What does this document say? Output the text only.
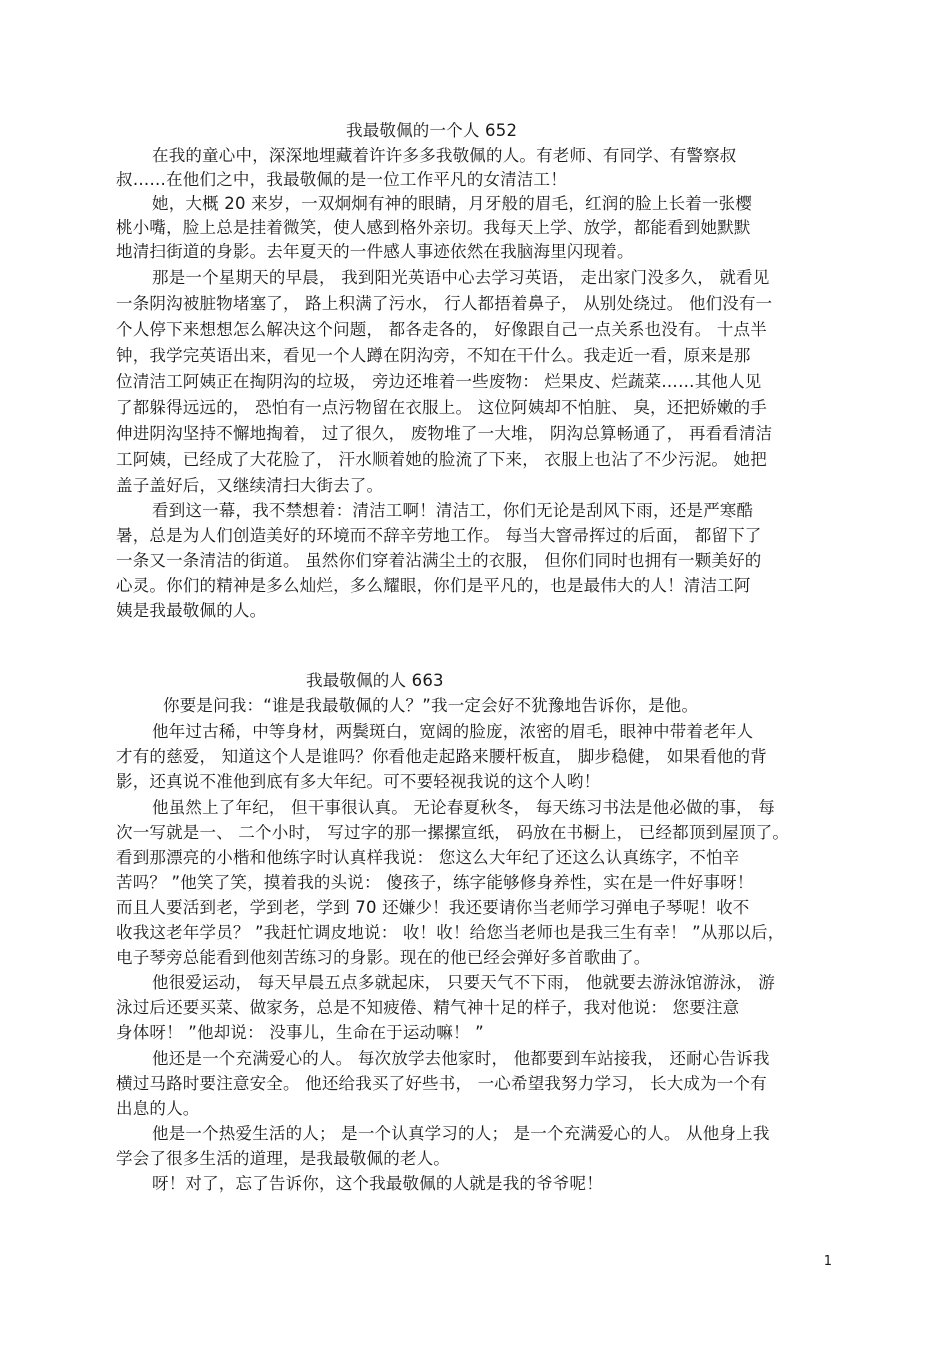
我最敬佩的一个人 652
在我的童心中，深深地埋藏着许许多多我敬佩的人。有老师、有同学、有警察叔
叔……在他们之中，我最敬佩的是一位工作平凡的女清洁工！
她，大概 20 来岁，一双炯炯有神的眼睛，月牙般的眉毛，红润的脸上长着一张樱
桃小嘴，脸上总是挂着微笑，使人感到格外亲切。我每天上学、放学，都能看到她默默
地清扫街道的身影。去年夏天的一件感人事迹依然在我脑海里闪现着。
那是一个星期天的早晨， 我到阳光英语中心去学习英语， 走出家门没多久， 就看见
一条阴沟被脏物堵塞了， 路上积满了污水， 行人都捂着鼻子， 从别处绕过。 他们没有一
个人停下来想想怎么解决这个问题， 都各走各的， 好像跟自己一点关系也没有。 十点半
钟，我学完英语出来，看见一个人蹲在阴沟旁，不知在干什么。我走近一看，原来是那
位清洁工阿姨正在掏阴沟的垃圾， 旁边还堆着一些废物： 烂果皮、烂蔬菜……其他人见
了都躲得远远的， 恐怕有一点污物留在衣服上。 这位阿姨却不怕脏、 臭，还把娇嫩的手
伸进阴沟坚持不懈地掏着， 过了很久， 废物堆了一大堆， 阴沟总算畅通了， 再看看清洁
工阿姨，已经成了大花脸了， 汗水顺着她的脸流了下来， 衣服上也沾了不少污泥。 她把
盖子盖好后，又继续清扫大街去了。
看到这一幕，我不禁想着：清洁工啊！清洁工，你们无论是刮风下雨，还是严寒酷
暑，总是为人们创造美好的环境而不辞辛劳地工作。 每当大窨帚挥过的后面， 都留下了
一条又一条清洁的街道。 虽然你们穿着沾满尘土的衣服， 但你们同时也拥有一颗美好的
心灵。你们的精神是多么灿烂，多么耀眼，你们是平凡的，也是最伟大的人！清洁工阿
姨是我最敬佩的人。
我最敬佩的人 663
你要是问我：“谁是我最敬佩的人？”我一定会好不犹豫地告诉你，是他。
他年过古稀，中等身材，两鬓斑白，宽阔的脸庞，浓密的眉毛，眼神中带着老年人
才有的慈爱， 知道这个人是谁吗？你看他走起路来腰杆板直， 脚步稳健， 如果看他的背
影，还真说不准他到底有多大年纪。可不要轻视我说的这个人哟！
他虽然上了年纪， 但干事很认真。 无论春夏秋冬， 每天练习书法是他必做的事， 每
次一写就是一、 二个小时， 写过字的那一摞摞宣纸， 码放在书橱上， 已经都顶到屋顶了。
看到那漂亮的小楷和他练字时认真样我说： 您这么大年纪了还这么认真练字，不怕辛
苦吗？ ”他笑了笑，摸着我的头说： 傻孩子，练字能够修身养性，实在是一件好事呀！
而且人要活到老，学到老，学到 70 还嫌少！我还要请你当老师学习弹电子琴呢！收不
收我这老年学员？ ”我赶忙调皮地说： 收！收！给您当老师也是我三生有幸！ ”从那以后，
电子琴旁总能看到他刻苦练习的身影。现在的他已经会弹好多首歌曲了。
他很爱运动， 每天早晨五点多就起床， 只要天气不下雨， 他就要去游泳馆游泳， 游
泳过后还要买菜、做家务，总是不知疲倦、精气神十足的样子，我对他说： 您要注意
身体呀！ ”他却说： 没事儿，生命在于运动嘛！ ”
他还是一个充满爱心的人。 每次放学去他家时， 他都要到车站接我， 还耐心告诉我
横过马路时要注意安全。 他还给我买了好些书， 一心希望我努力学习， 长大成为一个有
出息的人。
他是一个热爱生活的人； 是一个认真学习的人； 是一个充满爱心的人。 从他身上我
学会了很多生活的道理，是我最敬佩的老人。
呀！对了，忘了告诉你，这个我最敬佩的人就是我的爷爷呢！
1
